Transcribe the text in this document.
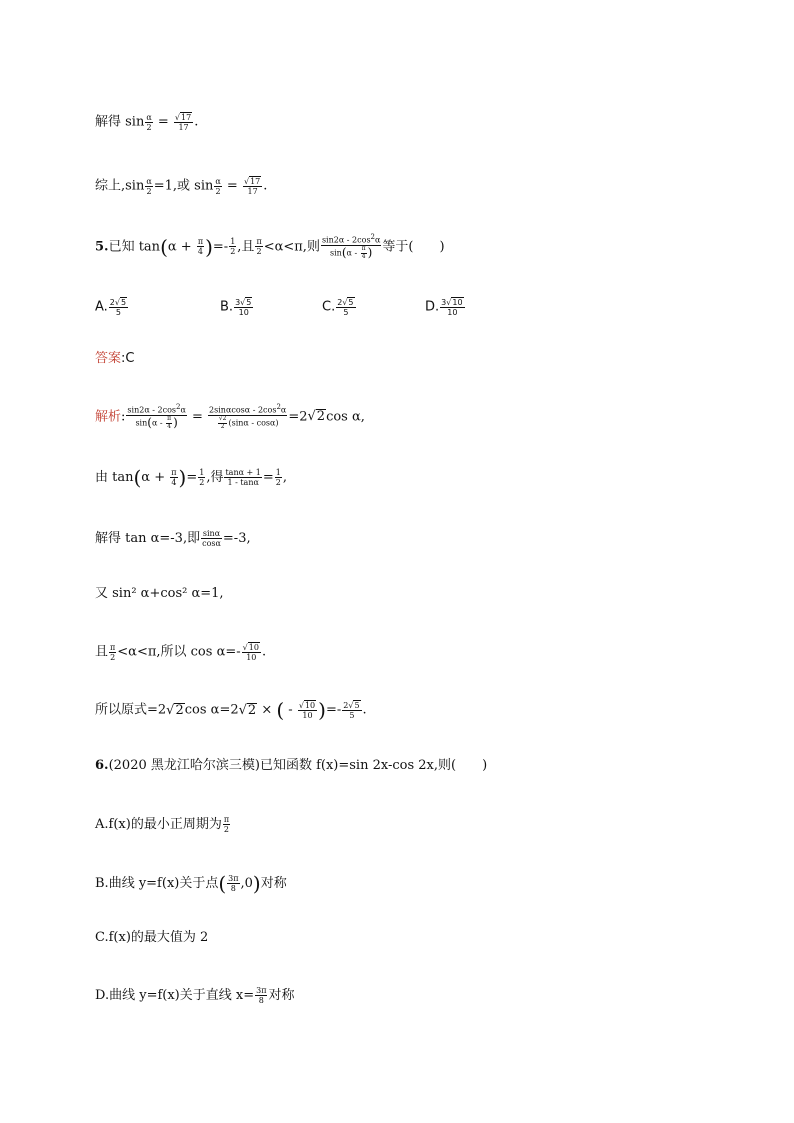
解得 $\sin \frac{\alpha}{2} = \frac{√17}{17}$ .
综上$,\sin \frac{\alpha}{2} =1$,或 $\sin \frac{\alpha}{2} = \frac{√17}{17}$ .
5.已知 $\tan(\alpha + \frac{\pi}{4}$ )=- $\frac{1}{2}$ ,且 $\frac{\pi}{2} <\alpha<\pi$,则 $\frac{\sin 2\alpha - 2\cos^2\alpha}{\sin(\alpha - \frac{\pi}{4} )}$ 等于(　　)
A. $\frac{2√5}{5}$	B. $\frac{3√5}{10}$	C. $\frac{2√5}{5}$	D. $\frac{3√10}{10}$
答案:C
解析: $\frac{\sin 2\alpha - 2\cos^2\alpha}{\sin(\alpha - \frac{\pi}{4} )} = \frac{2\sin\alpha\cos\alpha - 2\cos^2\alpha}{\frac{√2}{2} (\sin\alpha - \cos\alpha)} =2√2\cos$ α,
由 $\tan(\alpha + \frac{\pi}{4}$ )= $\frac{1}{2}$ ,得 $\frac{\tan\alpha + 1}{1 - \tan\alpha} = \frac{1}{2}$ ,
解得 tan α=-3,即 $\frac{\sin\alpha}{\cos\alpha} =-3$,
又 sin² α+cos² α=1,
且 $\frac{\pi}{2} <\alpha<\pi$,所以 $\cos \alpha=- \frac{√10}{10}$ .
所以原式=2√2cos α=2√2 × ( - $\frac{√10}{10}$ )=- $\frac{2√5}{5}$ .
6.(2020 黑龙江哈尔滨三模)已知函数 f(x)=sin 2x-cos 2x,则(　　)
A.f(x)的最小正周期为 $\frac{\pi}{2}$
B.曲线 y=f(x)关于点( $\frac{3\pi}{8} ,0$)对称
C.f(x)的最大值为 2
D.曲线 y=f(x)关于直线 $x= \frac{3\pi}{8}$ 对称
